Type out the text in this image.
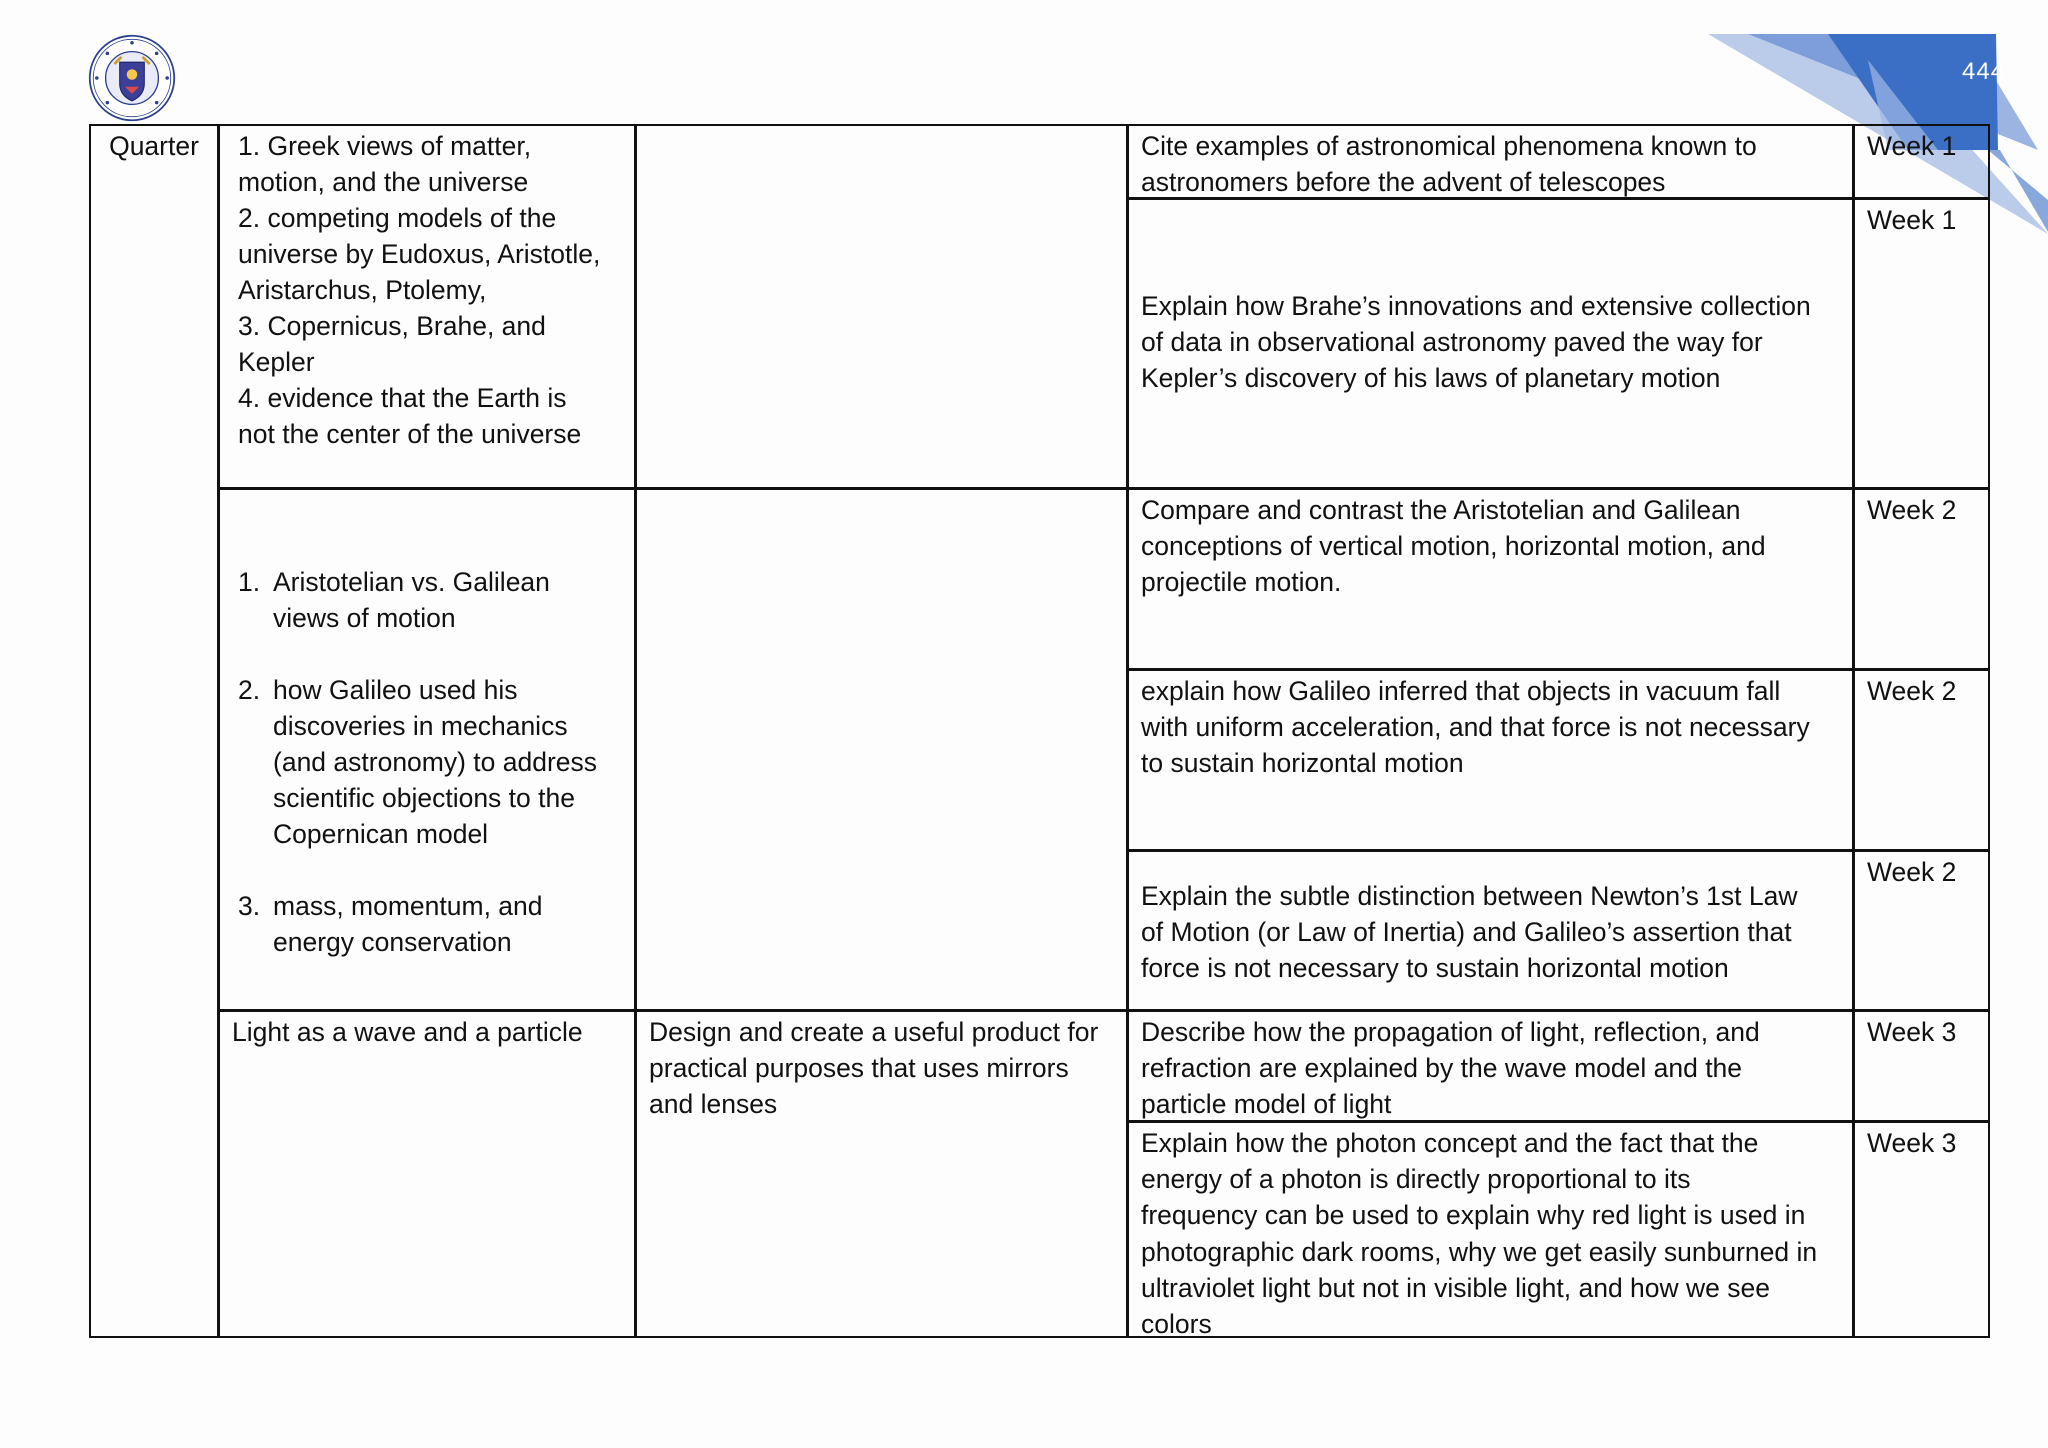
444
Quarter	1. Greek views of matter,
motion, and the universe
2. competing models of the
universe by Eudoxus, Aristotle,
Aristarchus, Ptolemy,
3. Copernicus, Brahe, and
Kepler
4. evidence that the Earth is
not the center of the universe
Cite examples of astronomical phenomena known to
astronomers before the advent of telescopes
Week 1
Explain how Brahe’s innovations and extensive collection
of data in observational astronomy paved the way for
Kepler’s discovery of his laws of planetary motion
Week 1

1. Aristotelian vs. Galilean
views of motion

2. how Galileo used his
discoveries in mechanics
(and astronomy) to address
scientific objections to the
Copernican model

3. mass, momentum, and
energy conservation

Compare and contrast the Aristotelian and Galilean
conceptions of vertical motion, horizontal motion, and
projectile motion.
Week 2
explain how Galileo inferred that objects in vacuum fall
with uniform acceleration, and that force is not necessary
to sustain horizontal motion
Week 2
Explain the subtle distinction between Newton’s 1st Law
of Motion (or Law of Inertia) and Galileo’s assertion that
force is not necessary to sustain horizontal motion
Week 2
Light as a wave and a particle	Design and create a useful product for
practical purposes that uses mirrors
and lenses
Describe how the propagation of light, reflection, and
refraction are explained by the wave model and the
particle model of light
Week 3
Explain how the photon concept and the fact that the
energy of a photon is directly proportional to its
frequency can be used to explain why red light is used in
photographic dark rooms, why we get easily sunburned in
ultraviolet light but not in visible light, and how we see
colors
Week 3
